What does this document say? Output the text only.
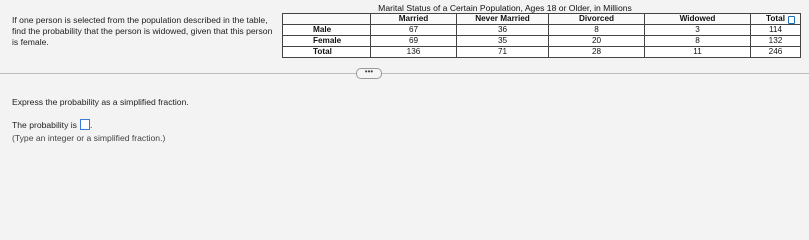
If one person is selected from the population described in the table, find the probability that the person is widowed, given that this person is female.
Marital Status of a Certain Population, Ages 18 or Older, in Millions
	Married	Never Married	Divorced	Widowed	Total
Male	67	36	8	3	114
Female	69	35	20	8	132
Total	136	71	28	11	246
•••
Express the probability as a simplified fraction.
The probability is .
(Type an integer or a simplified fraction.)
